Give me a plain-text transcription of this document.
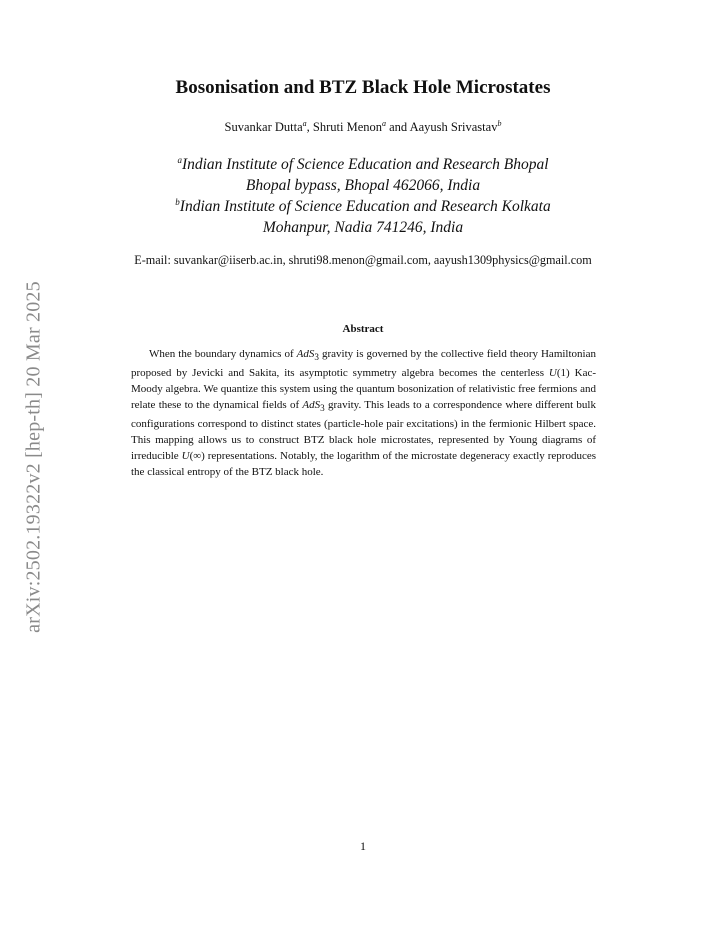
arXiv:2502.19322v2 [hep-th] 20 Mar 2025
Bosonisation and BTZ Black Hole Microstates
Suvankar Dutta$^a$, Shruti Menon$^a$ and Aayush Srivastav$^b$
$^a$Indian Institute of Science Education and Research Bhopal
Bhopal bypass, Bhopal 462066, India
$^b$Indian Institute of Science Education and Research Kolkata
Mohanpur, Nadia 741246, India
E-mail: suvankar@iiserb.ac.in, shruti98.menon@gmail.com, aayush1309physics@gmail.com
Abstract
When the boundary dynamics of AdS$_3$ gravity is governed by the collective field theory Hamiltonian proposed by Jevicki and Sakita, its asymptotic symmetry algebra becomes the centerless U(1) Kac-Moody algebra. We quantize this system using the quantum bosonization of relativistic free fermions and relate these to the dynamical fields of AdS$_3$ gravity. This leads to a correspondence where different bulk configurations correspond to distinct states (particle-hole pair excitations) in the fermionic Hilbert space. This mapping allows us to construct BTZ black hole microstates, represented by Young diagrams of irreducible U(∞) representations. Notably, the logarithm of the microstate degeneracy exactly reproduces the classical entropy of the BTZ black hole.
1
